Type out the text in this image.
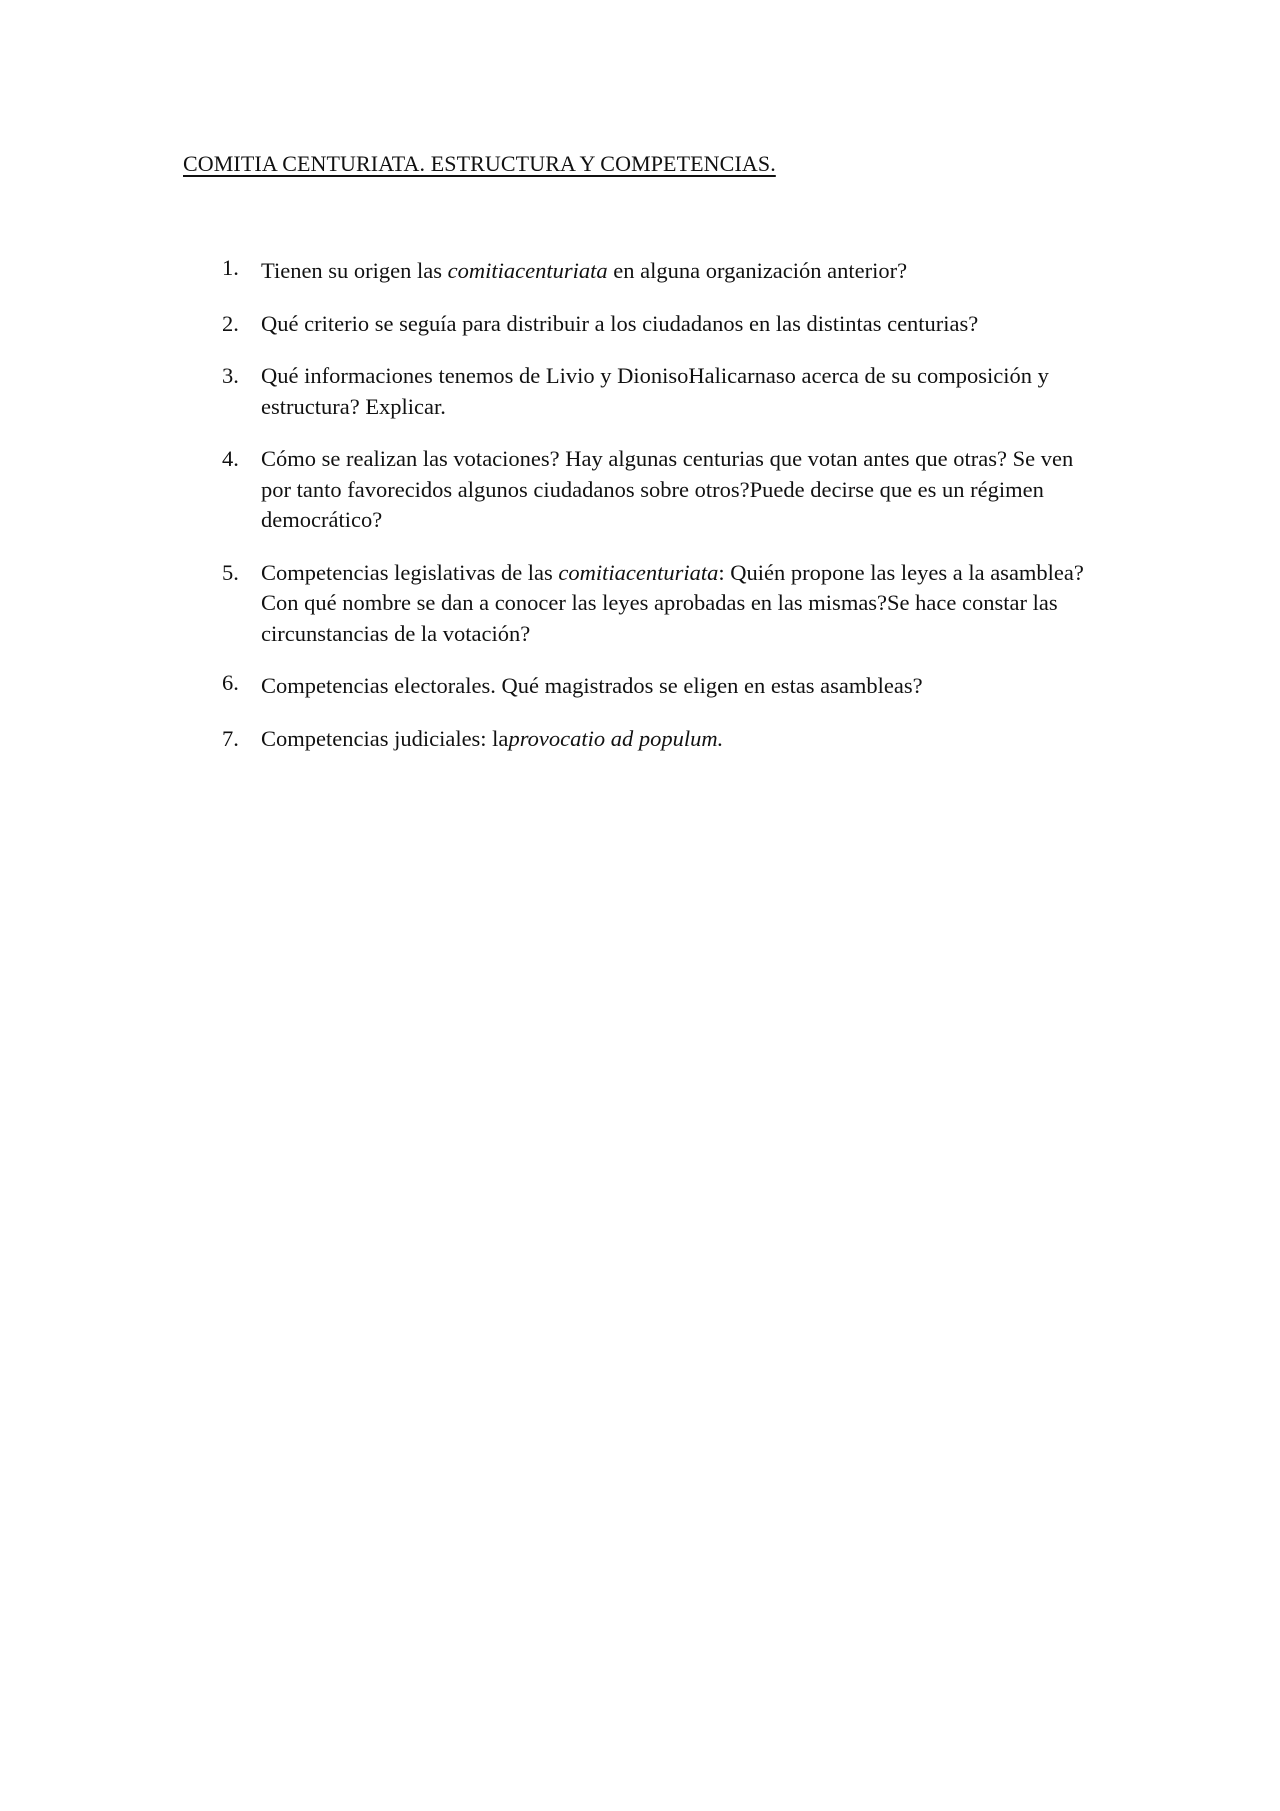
COMITIA CENTURIATA. ESTRUCTURA Y COMPETENCIAS.
1. Tienen su origen las comitiacenturiata en alguna organización anterior?
2. Qué criterio se seguía para distribuir a los ciudadanos en las distintas centurias?
3. Qué informaciones tenemos de Livio y DionisoHalicarnaso acerca de su composición y estructura? Explicar.
4. Cómo se realizan las votaciones? Hay algunas centurias que votan antes que otras? Se ven por tanto favorecidos algunos ciudadanos sobre otros?Puede decirse que es un régimen democrático?
5. Competencias legislativas de las comitiacenturiata: Quién propone las leyes a la asamblea?Con qué nombre se dan a conocer las leyes aprobadas en las mismas?Se hace constar las circunstancias de la votación?
6. Competencias electorales. Qué magistrados se eligen en estas asambleas?
7. Competencias judiciales: laprovocatio ad populum.
